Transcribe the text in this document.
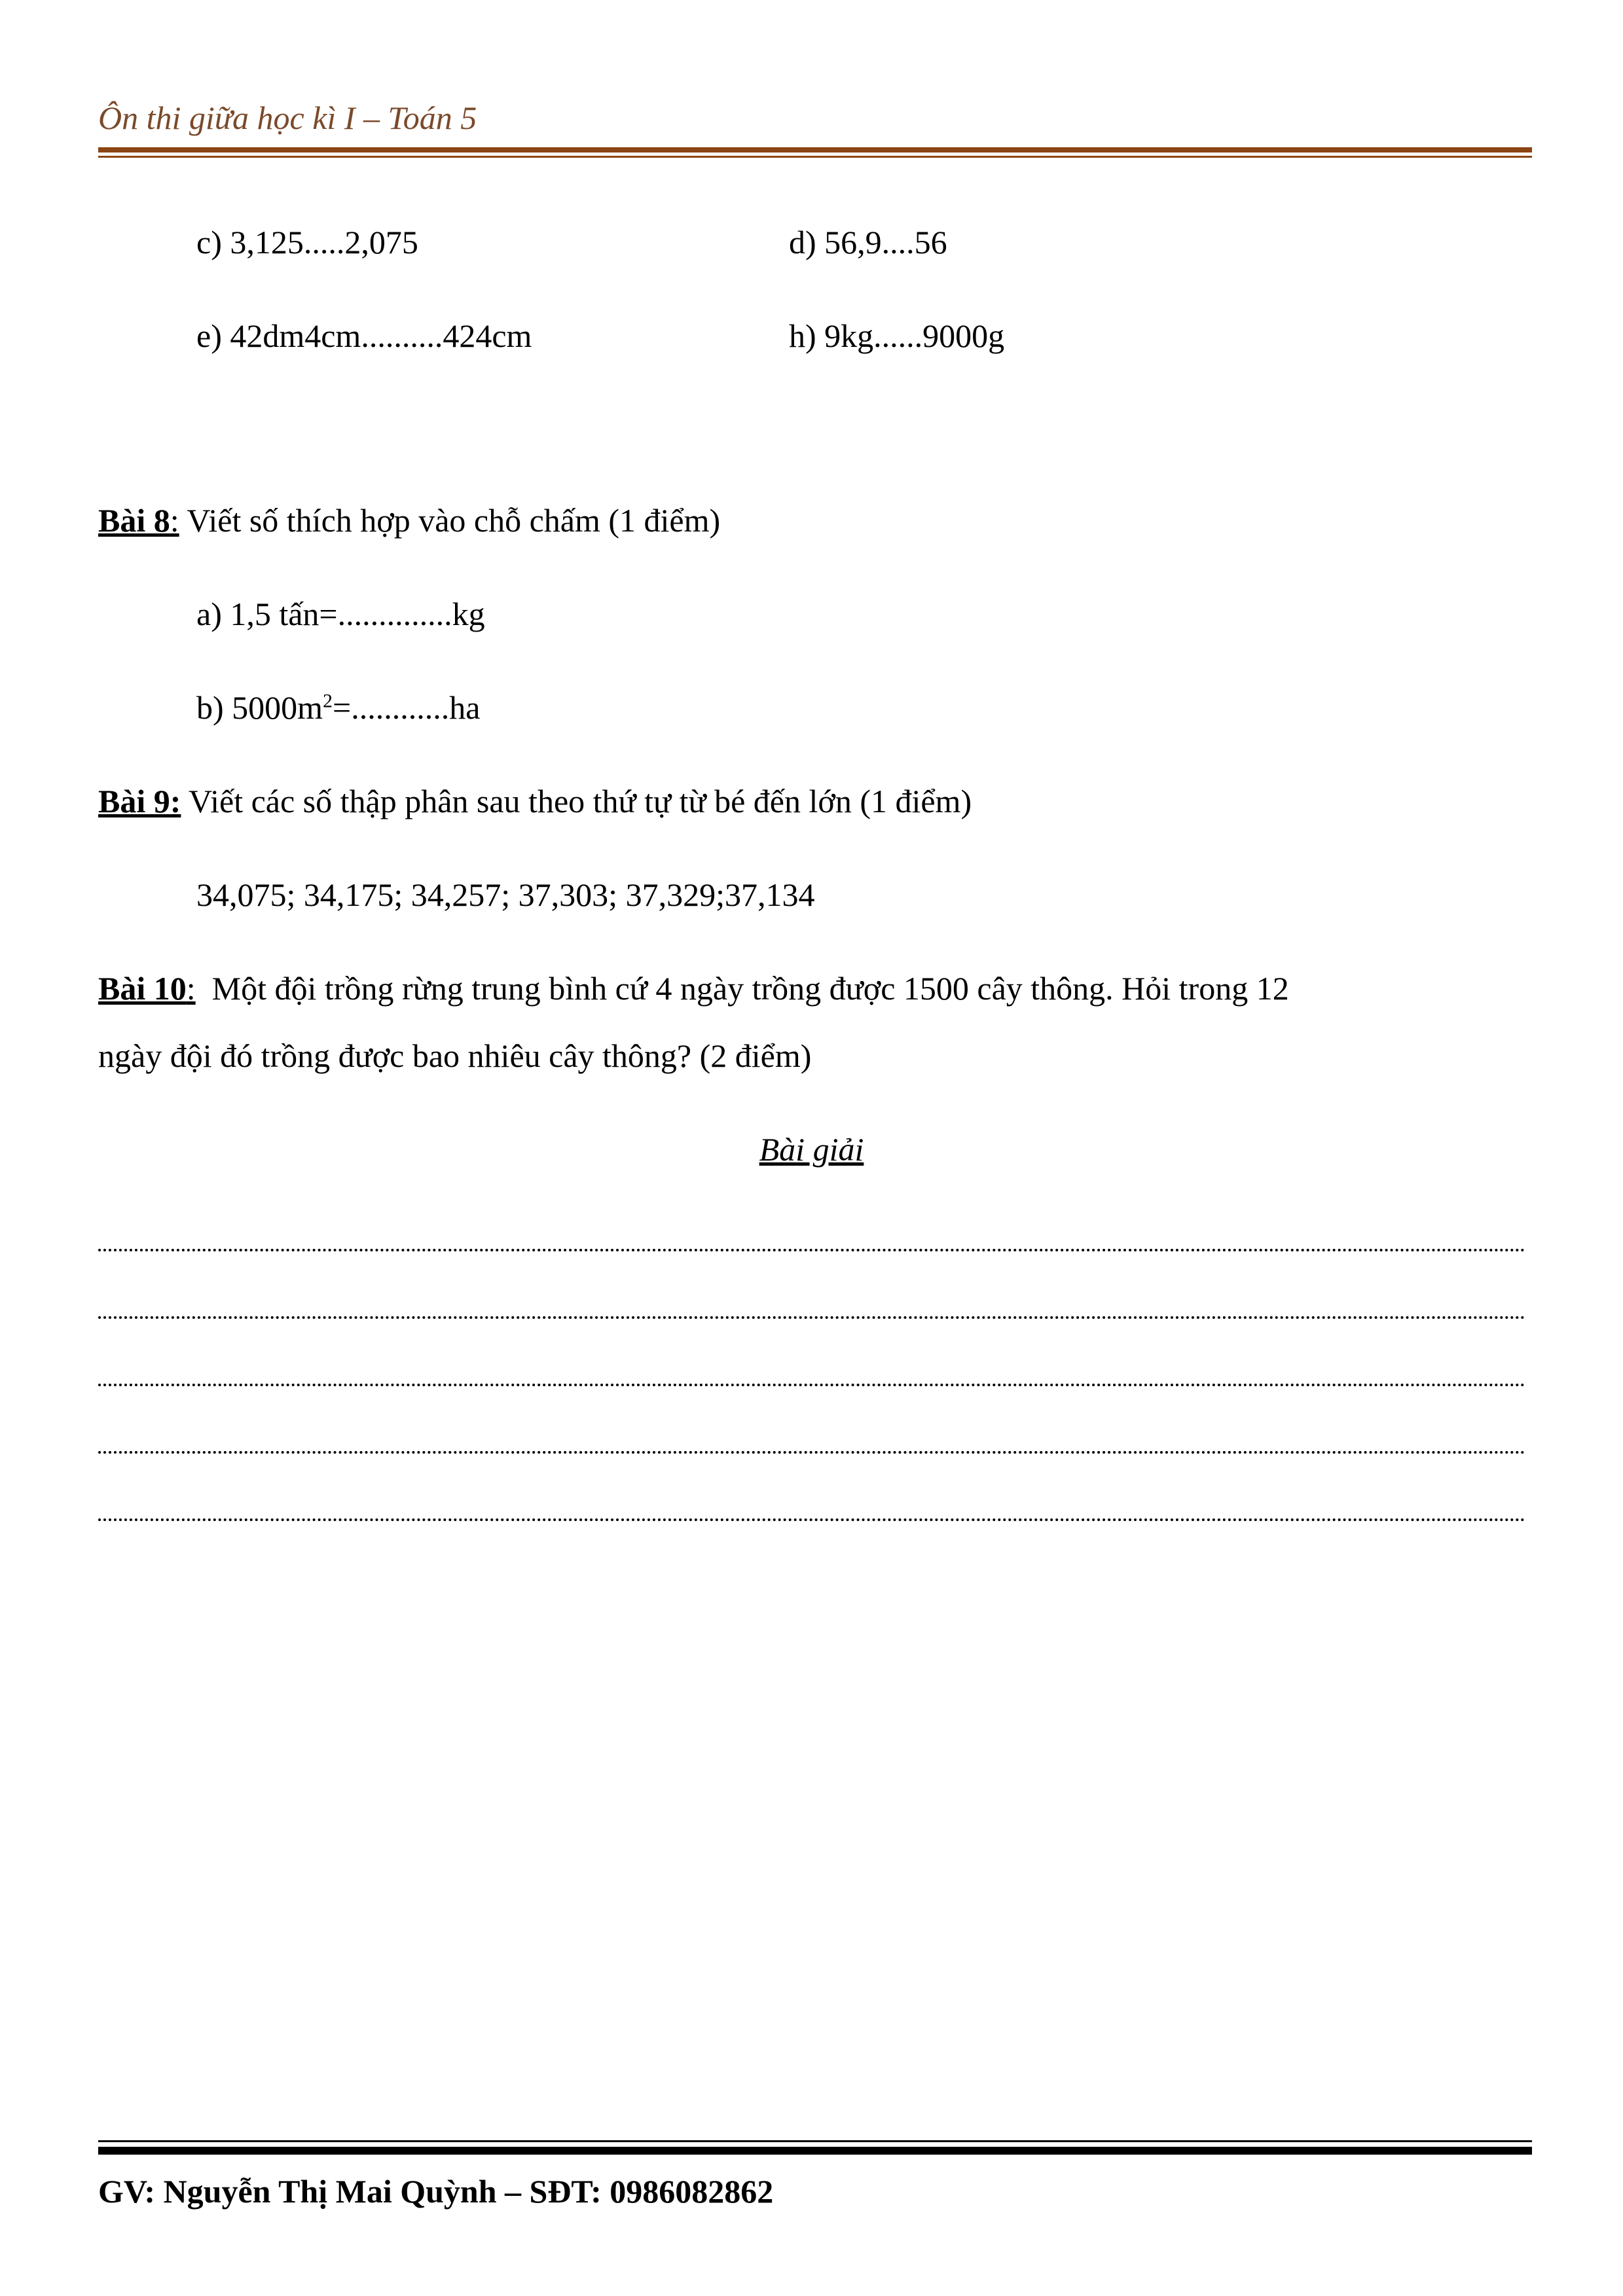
Ôn thi giữa học kì I – Toán 5
c) 3,125.....2,075	d) 56,9....56
e) 42dm4cm..........424cm	h) 9kg......9000g
Bài 8: Viết số thích hợp vào chỗ chấm (1 điểm)
a) 1,5 tấn=..............kg
b) $5000m^2=............ha$
Bài 9: Viết các số thập phân sau theo thứ tự từ bé đến lớn (1 điểm)
34,075; 34,175; 34,257; 37,303; 37,329;37,134
Bài 10:  Một đội trồng rừng trung bình cứ 4 ngày trồng được 1500 cây thông. Hỏi trong 12
ngày đội đó trồng được bao nhiêu cây thông? (2 điểm)
Bài giải
GV: Nguyễn Thị Mai Quỳnh – SĐT: 0986082862
